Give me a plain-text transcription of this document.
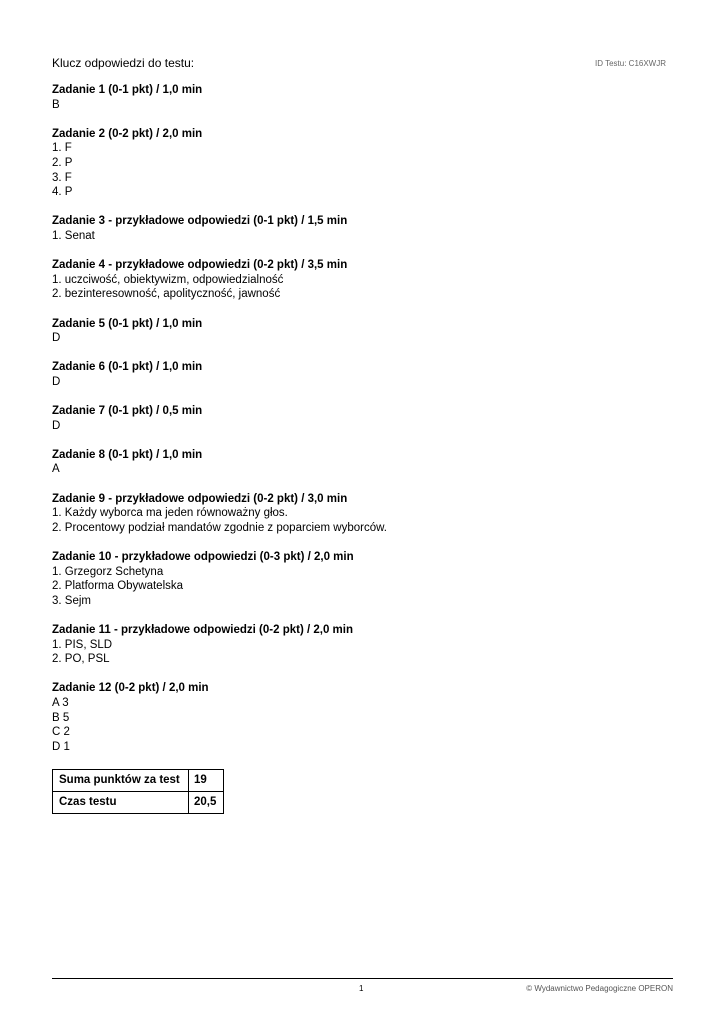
Klucz odpowiedzi do testu:	ID Testu: C16XWJR
Zadanie 1 (0-1 pkt) / 1,0 min
B
Zadanie 2 (0-2 pkt) / 2,0 min
1. F
2. P
3. F
4. P
Zadanie 3 - przykładowe odpowiedzi (0-1 pkt) / 1,5 min
1. Senat
Zadanie 4 - przykładowe odpowiedzi (0-2 pkt) / 3,5 min
1. uczciwość, obiektywizm, odpowiedzialność
2. bezinteresowność, apolityczność, jawność
Zadanie 5 (0-1 pkt) / 1,0 min
D
Zadanie 6 (0-1 pkt) / 1,0 min
D
Zadanie 7 (0-1 pkt) / 0,5 min
D
Zadanie 8 (0-1 pkt) / 1,0 min
A
Zadanie 9 - przykładowe odpowiedzi (0-2 pkt) / 3,0 min
1. Każdy wyborca ma jeden równoważny głos.
2. Procentowy podział mandatów zgodnie z poparciem wyborców.
Zadanie 10 - przykładowe odpowiedzi (0-3 pkt) / 2,0 min
1. Grzegorz Schetyna
2. Platforma Obywatelska
3. Sejm
Zadanie 11 - przykładowe odpowiedzi (0-2 pkt) / 2,0 min
1. PIS, SLD
2. PO, PSL
Zadanie 12 (0-2 pkt) / 2,0 min
A 3
B 5
C 2
D 1
Suma punktów za test	19
Czas testu	20,5
1	© Wydawnictwo Pedagogiczne OPERON
